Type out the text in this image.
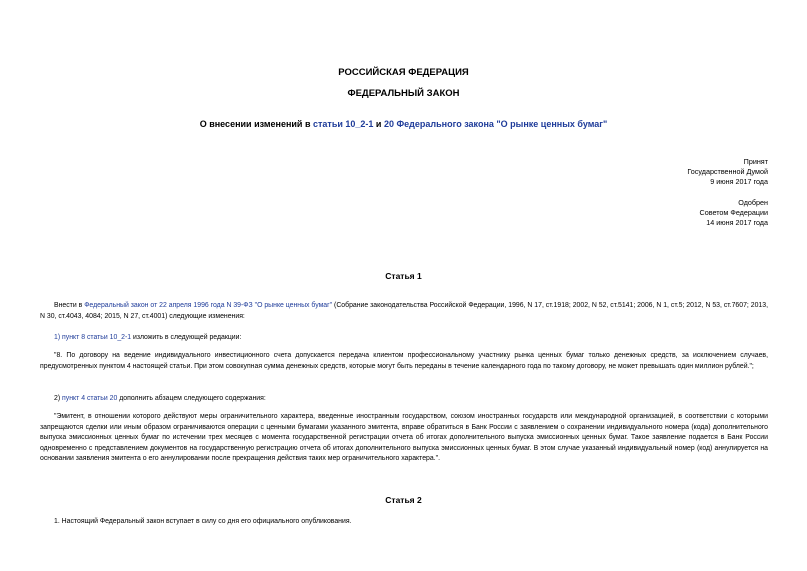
РОССИЙСКАЯ ФЕДЕРАЦИЯ
ФЕДЕРАЛЬНЫЙ ЗАКОН
О внесении изменений в статьи 10_2-1 и 20 Федерального закона "О рынке ценных бумаг"
Принят
Государственной Думой
9 июня 2017 года
Одобрен
Советом Федерации
14 июня 2017 года
Статья 1
Внести в Федеральный закон от 22 апреля 1996 года N 39-ФЗ "О рынке ценных бумаг" (Собрание законодательства Российской Федерации, 1996, N 17, ст.1918; 2002, N 52, ст.5141; 2006, N 1, ст.5; 2012, N 53, ст.7607; 2013, N 30, ст.4043, 4084; 2015, N 27, ст.4001) следующие изменения:
1) пункт 8 статьи 10_2-1 изложить в следующей редакции:
"8. По договору на ведение индивидуального инвестиционного счета допускается передача клиентом профессиональному участнику рынка ценных бумаг только денежных средств, за исключением случаев, предусмотренных пунктом 4 настоящей статьи. При этом совокупная сумма денежных средств, которые могут быть переданы в течение календарного года по такому договору, не может превышать один миллион рублей.";
2) пункт 4 статьи 20 дополнить абзацем следующего содержания:
"Эмитент, в отношении которого действуют меры ограничительного характера, введенные иностранным государством, союзом иностранных государств или международной организацией, в соответствии с которыми запрещаются сделки или иным образом ограничиваются операции с ценными бумагами указанного эмитента, вправе обратиться в Банк России с заявлением о сохранении индивидуального номера (кода) дополнительного выпуска эмиссионных ценных бумаг по истечении трех месяцев с момента государственной регистрации отчета об итогах дополнительного выпуска эмиссионных ценных бумаг. Такое заявление подается в Банк России одновременно с представлением документов на государственную регистрацию отчета об итогах дополнительного выпуска эмиссионных ценных бумаг. В этом случае указанный индивидуальный номер (код) аннулируется на основании заявления эмитента о его аннулировании после прекращения действия таких мер ограничительного характера.".
Статья 2
1. Настоящий Федеральный закон вступает в силу со дня его официального опубликования.
